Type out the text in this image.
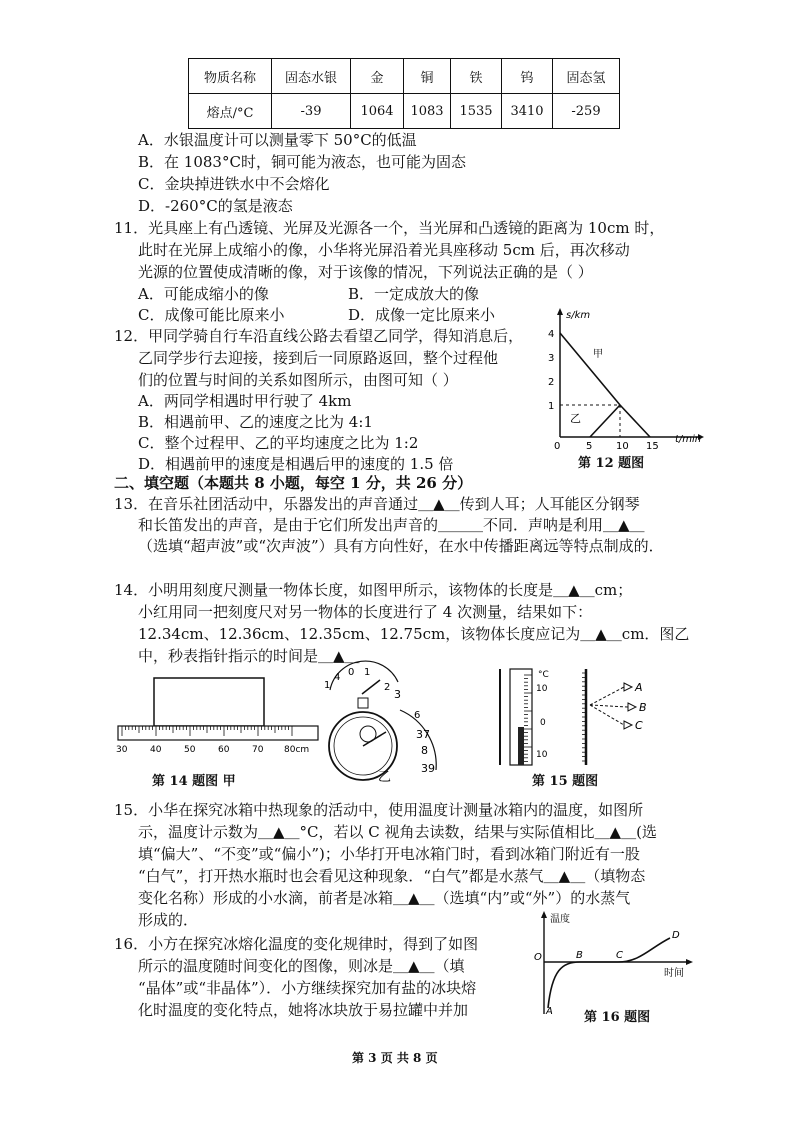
物质名称	固态水银	金	铜	铁	钨	固态氢
熔点/°C	-39	1064	1083	1535	3410	-259
A．水银温度计可以测量零下 50°C的低温
B．在 1083°C时，铜可能为液态，也可能为固态
C．金块掉进铁水中不会熔化
D．-260°C的氢是液态
11．光具座上有凸透镜、光屏及光源各一个，当光屏和凸透镜的距离为 10cm 时，
此时在光屏上成缩小的像，小华将光屏沿着光具座移动 5cm 后，再次移动
光源的位置使成清晰的像，对于该像的情况，下列说法正确的是（ ）
A．可能成缩小的像	B．一定成放大的像
C．成像可能比原来小	D．成像一定比原来小
12．甲同学骑自行车沿直线公路去看望乙同学，得知消息后，
乙同学步行去迎接，接到后一同原路返回，整个过程他
们的位置与时间的关系如图所示，由图可知（ ）
A．两同学相遇时甲行驶了 4km
B．相遇前甲、乙的速度之比为 4:1
C．整个过程甲、乙的平均速度之比为 1:2
D．相遇前甲的速度是相遇后甲的速度的 1.5 倍
s/km
t/min
4
3
2
1
0	5 10 15
甲
乙
第 12 题图
二、填空题（本题共 8 小题，每空 1 分，共 26 分）
13．在音乐社团活动中，乐器发出的声音通过＿▲＿传到人耳；人耳能区分钢琴
和长笛发出的声音，是由于它们所发出声音的＿＿＿不同．声呐是利用＿▲＿
（选填“超声波”或“次声波”）具有方向性好，在水中传播距离远等特点制成的．
14．小明用刻度尺测量一物体长度，如图甲所示，该物体的长度是＿▲＿cm；
小红用同一把刻度尺对另一物体的长度进行了 4 次测量，结果如下：
12.34cm、12.36cm、12.35cm、12.75cm，该物体长度应记为＿▲＿cm．图乙
中，秒表指针指示的时间是＿▲＿
30	40	50	60	70 80cm
第 14 题图 甲
1
4 0 1
2
3
6
37
8
39
乙
°C
10
0
10
A
B
C
第 15 题图
15．小华在探究冰箱中热现象的活动中，使用温度计测量冰箱内的温度，如图所
示，温度计示数为＿▲＿°C，若以 C 视角去读数，结果与实际值相比＿▲＿(选
填“偏大”、“不变”或“偏小”)；小华打开电冰箱门时，看到冰箱门附近有一股
“白气”，打开热水瓶时也会看见这种现象．“白气”都是水蒸气＿▲＿（填物态
变化名称）形成的小水滴，前者是冰箱＿▲＿（选填“内”或“外”）的水蒸气
形成的．
16．小方在探究冰熔化温度的变化规律时，得到了如图
所示的温度随时间变化的图像，则冰是＿▲＿（填
“晶体”或“非晶体”）．小方继续探究加有盐的冰块熔
化时温度的变化特点，她将冰块放于易拉罐中并加
温度
时间
O
A
B	C
D
第 16 题图
第 3 页 共 8 页
